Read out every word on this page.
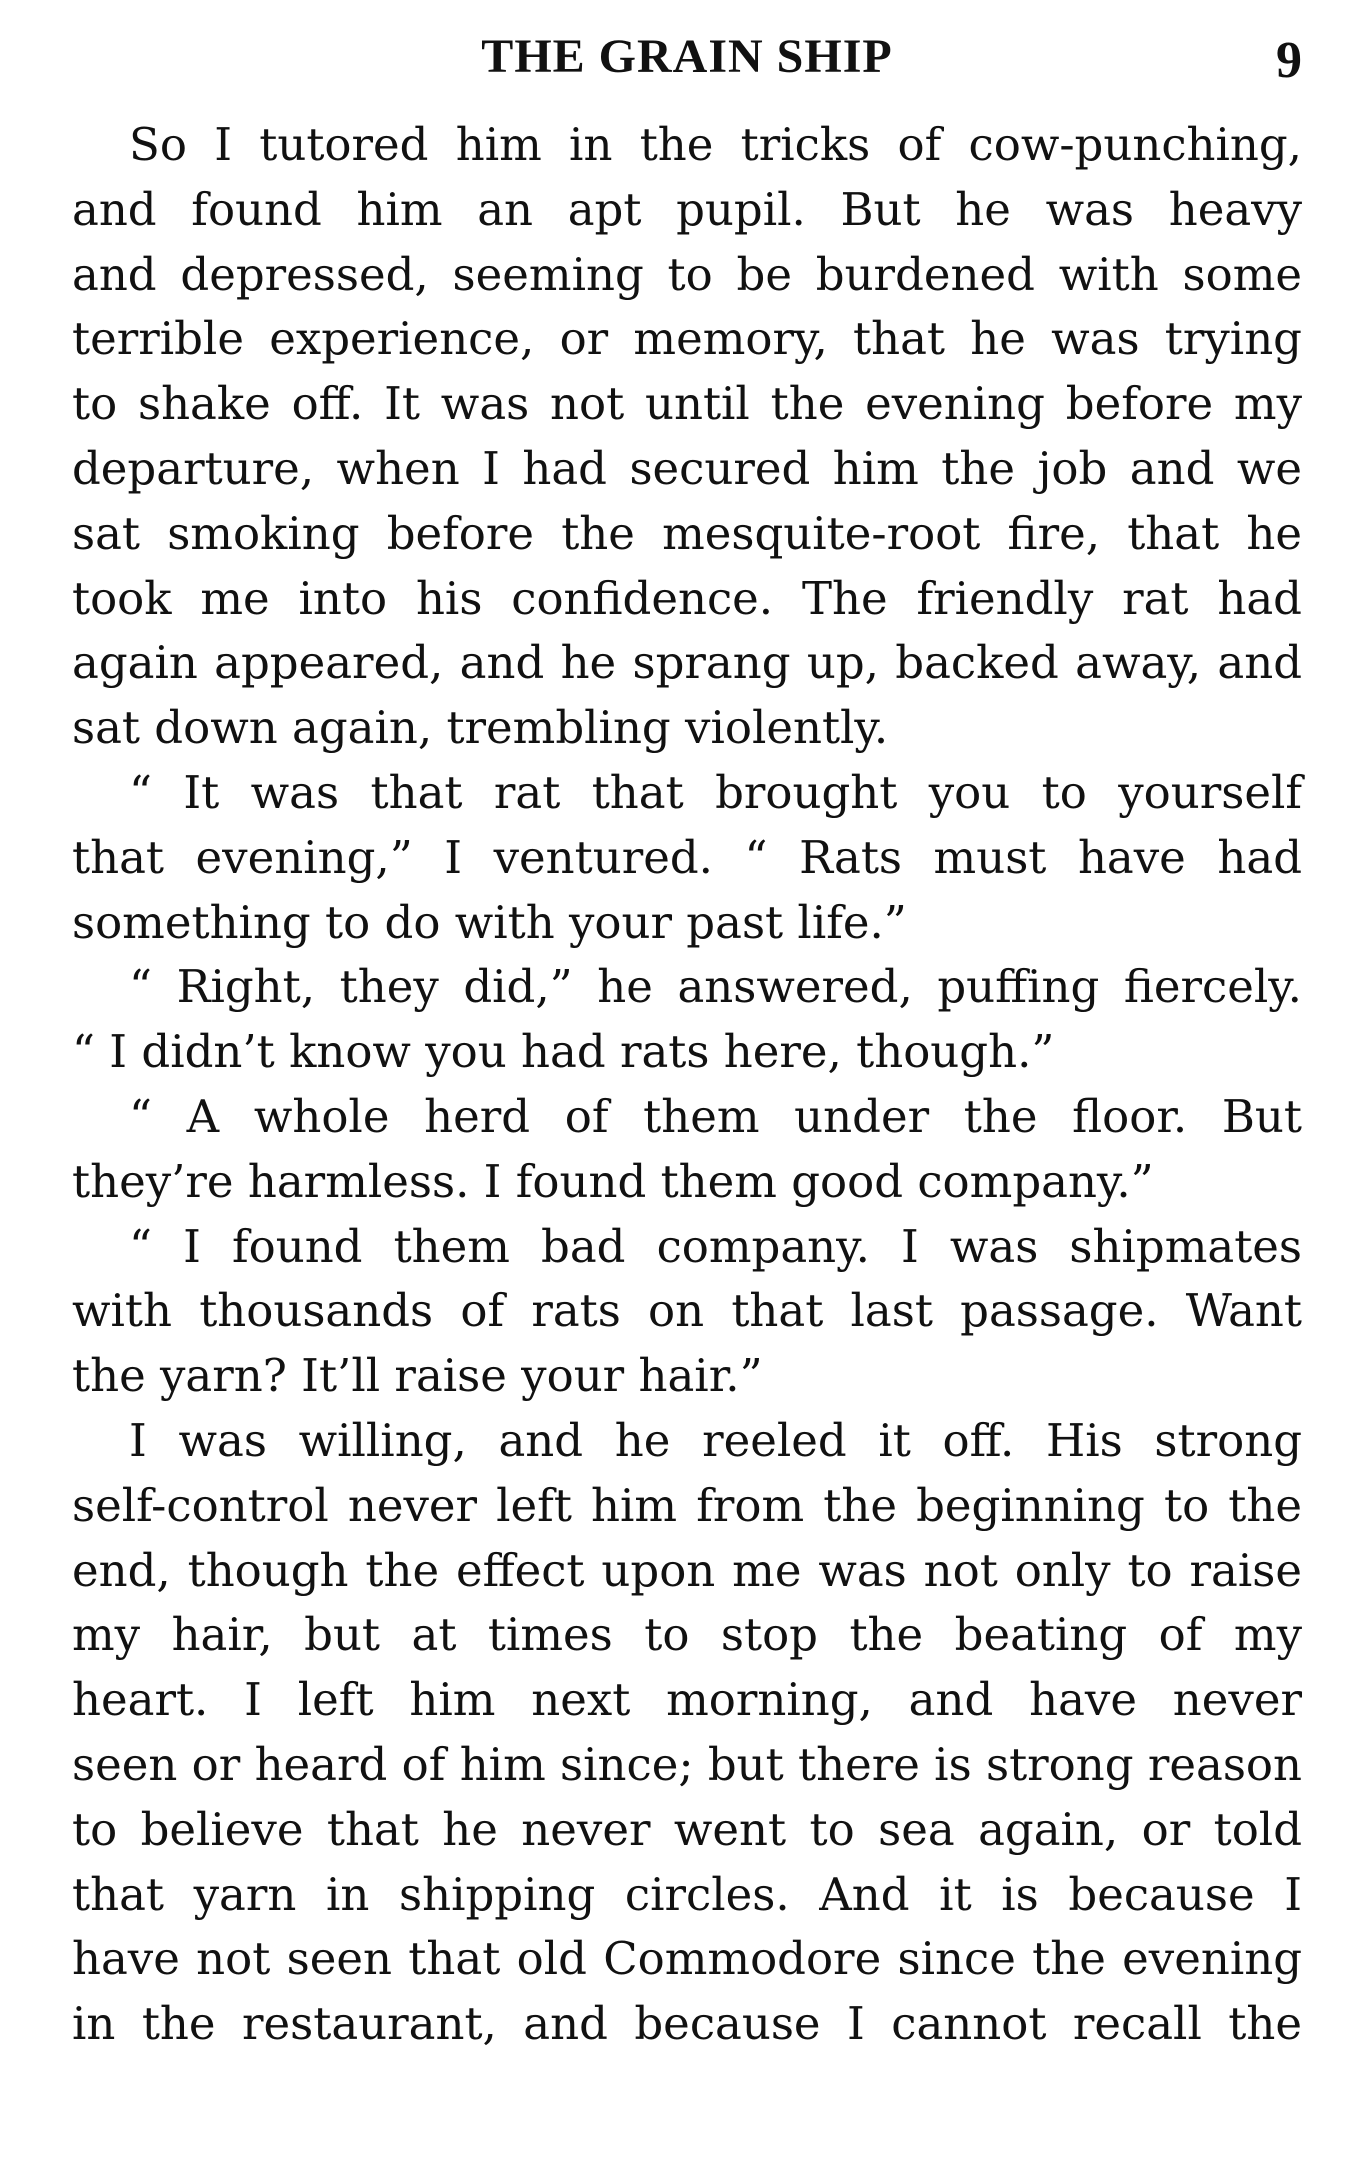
THE GRAIN SHIP	9
So I tutored him in the tricks of cow-punching,
and found him an apt pupil. But he was heavy
and depressed, seeming to be burdened with some
terrible experience, or memory, that he was trying
to shake off. It was not until the evening before my
departure, when I had secured him the job and we
sat smoking before the mesquite-root fire, that he
took me into his confidence. The friendly rat had
again appeared, and he sprang up, backed away, and
sat down again, trembling violently.
“ It was that rat that brought you to yourself
that evening,” I ventured. “ Rats must have had
something to do with your past life.”
“ Right, they did,” he answered, puffing fiercely.
“ I didn’t know you had rats here, though.”
“ A whole herd of them under the floor. But
they’re harmless. I found them good company.”
“ I found them bad company. I was shipmates
with thousands of rats on that last passage. Want
the yarn? It’ll raise your hair.”
I was willing, and he reeled it off. His strong
self-control never left him from the beginning to the
end, though the effect upon me was not only to raise
my hair, but at times to stop the beating of my
heart. I left him next morning, and have never
seen or heard of him since; but there is strong reason
to believe that he never went to sea again, or told
that yarn in shipping circles. And it is because I
have not seen that old Commodore since the evening
in the restaurant, and because I cannot recall the
